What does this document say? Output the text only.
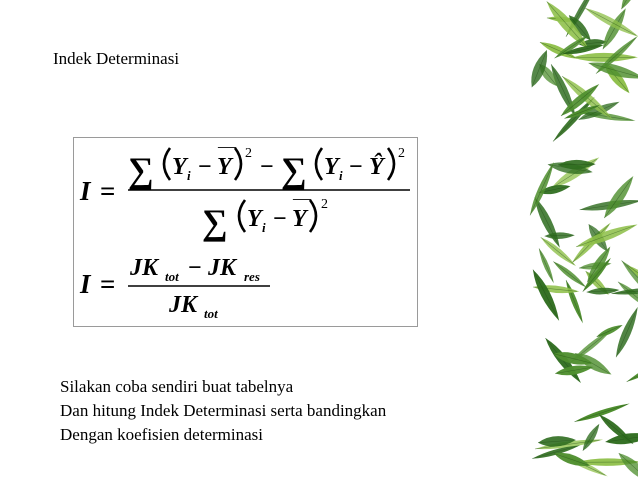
Indek Determinasi
I =
∑ Y i −
—
Y
2
− ∑ Y i − Ŷ
2
∑ Y i −
—
Y
2
I =
JK tot − JK res
JK tot
Silakan coba sendiri buat tabelnya
Dan hitung Indek Determinasi serta bandingkan
Dengan koefisien determinasi
